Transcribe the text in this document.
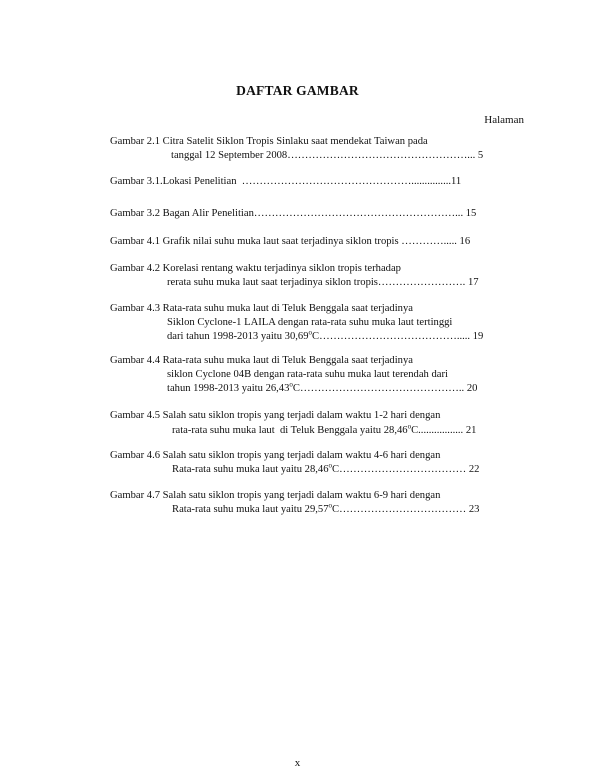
DAFTAR GAMBAR
Halaman
Gambar 2.1 Citra Satelit Siklon Tropis Sinlaku saat mendekat Taiwan pada
tanggal 12 September 2008……………………………………………... 5
Gambar 3.1.Lokasi Penelitian  …………………………………………...............11
Gambar 3.2 Bagan Alir Penelitian…………………………………………………... 15
Gambar 4.1 Grafik nilai suhu muka laut saat terjadinya siklon tropis …………..... 16
Gambar 4.2 Korelasi rentang waktu terjadinya siklon tropis terhadap
rerata suhu muka laut saat terjadinya siklon tropis……………………. 17
Gambar 4.3 Rata-rata suhu muka laut di Teluk Benggala saat terjadinya
Siklon Cyclone-1 LAILA dengan rata-rata suhu muka laut tertinggi
dari tahun 1998-2013 yaitu 30,69$^o$C…………………………………..... 19
Gambar 4.4 Rata-rata suhu muka laut di Teluk Benggala saat terjadinya
siklon Cyclone 04B dengan rata-rata suhu muka laut terendah dari
tahun 1998-2013 yaitu 26,43$^o$C……………………………………….. 20
Gambar 4.5 Salah satu siklon tropis yang terjadi dalam waktu 1-2 hari dengan
rata-rata suhu muka laut  di Teluk Benggala yaitu 28,46$^o$C................. 21
Gambar 4.6 Salah satu siklon tropis yang terjadi dalam waktu 4-6 hari dengan
Rata-rata suhu muka laut yaitu 28,46$^o$C……………………………… 22
Gambar 4.7 Salah satu siklon tropis yang terjadi dalam waktu 6-9 hari dengan
Rata-rata suhu muka laut yaitu 29,57$^o$C……………………………… 23
x
